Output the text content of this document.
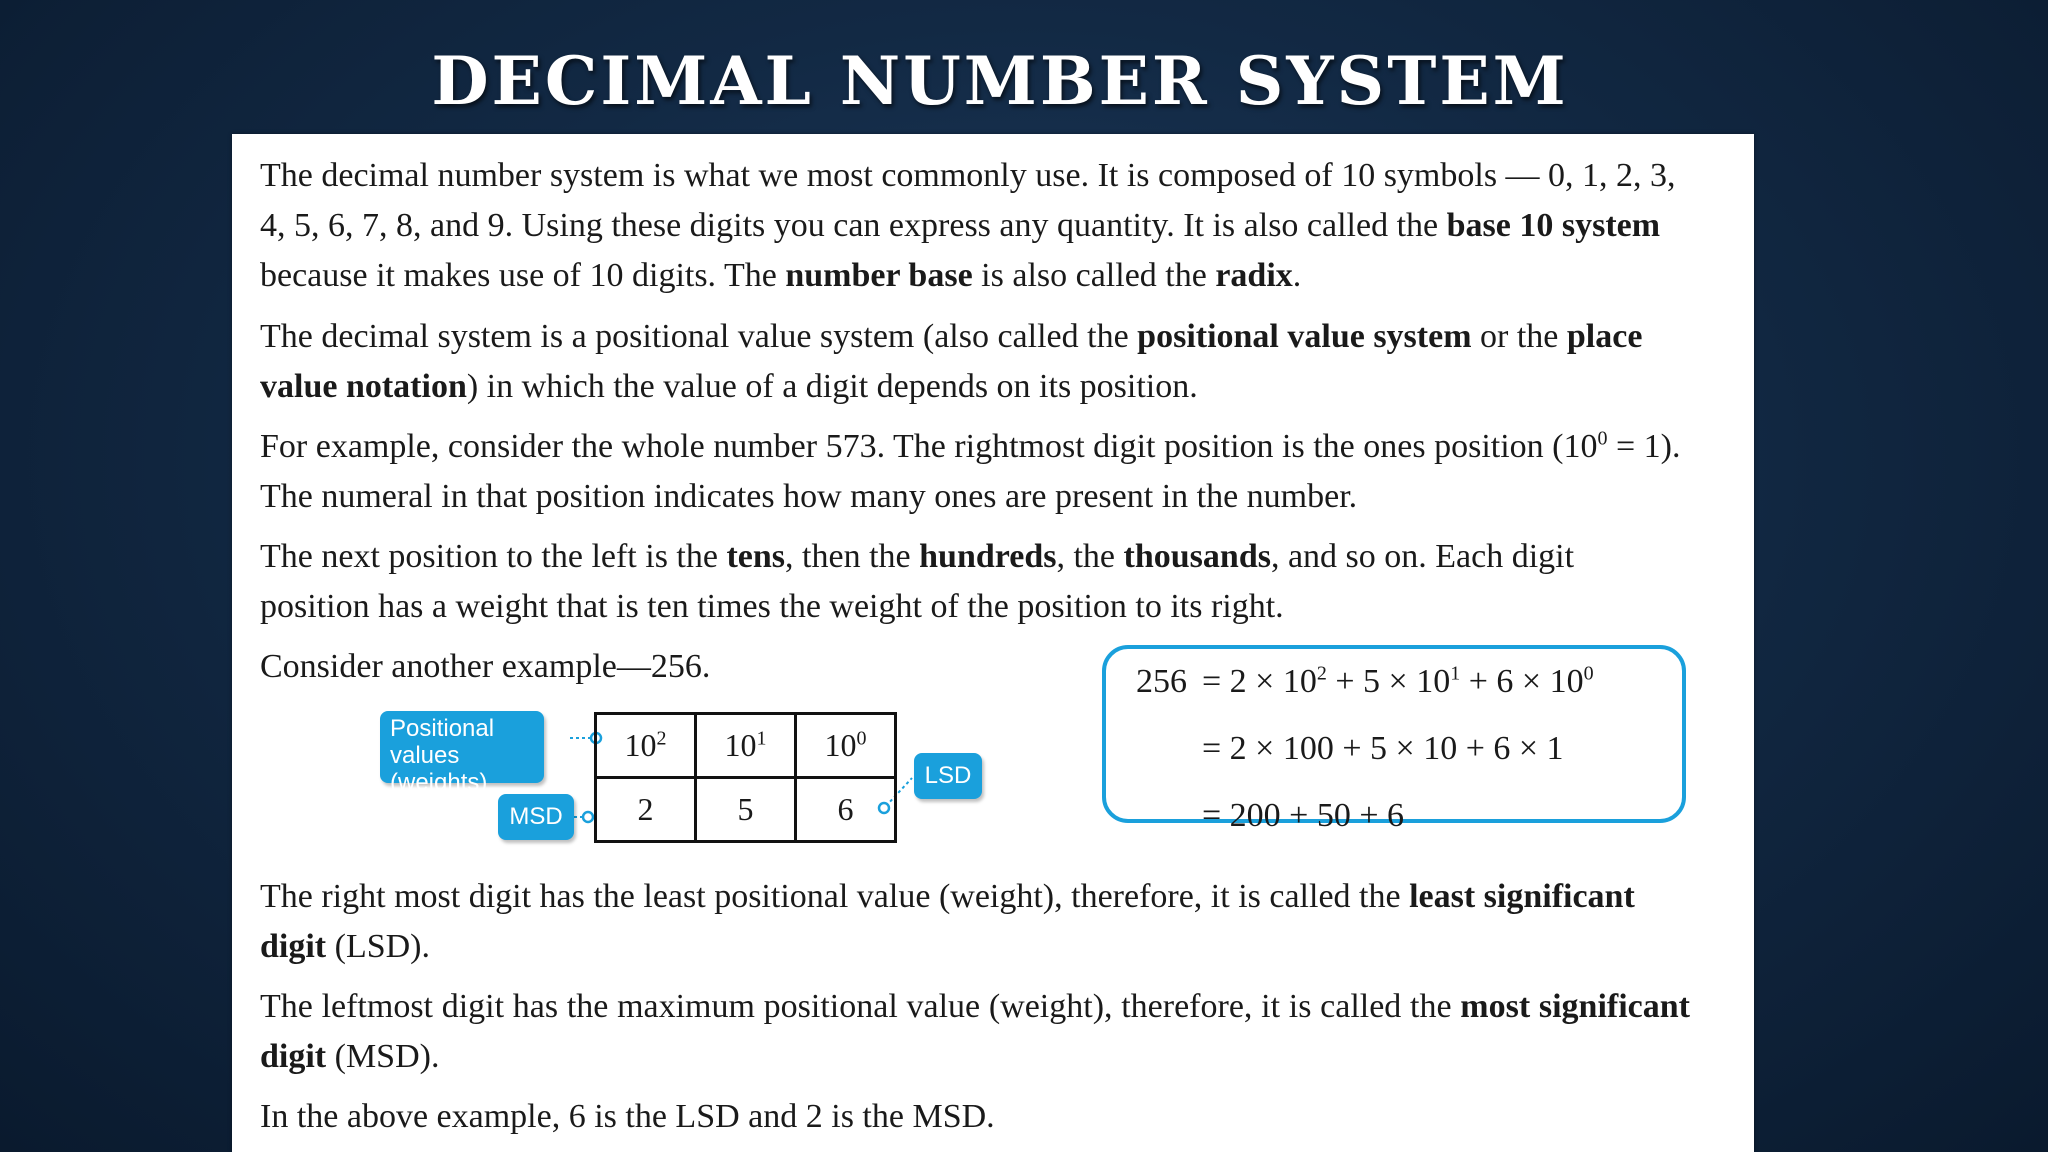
DECIMAL NUMBER SYSTEM

The decimal number system is what we most commonly use. It is composed of 10 symbols — 0, 1, 2, 3, 4, 5, 6, 7, 8, and 9. Using these digits you can express any quantity. It is also called the base 10 system because it makes use of 10 digits. The number base is also called the radix.

The decimal system is a positional value system (also called the positional value system or the place value notation) in which the value of a digit depends on its position.

For example, consider the whole number 573. The rightmost digit position is the ones position $(10^0 = 1)$. The numeral in that position indicates how many ones are present in the number.

The next position to the left is the tens, then the hundreds, the thousands, and so on. Each digit position has a weight that is ten times the weight of the position to its right.

Consider another example—256.

Positional
values (weights)
MSD
LSD
$10^2$	$10^1$	$10^0$
2	5	6
$256 = 2 \times 10^2 + 5 \times 10^1 + 6 \times 10^0$
= 2 × 100 + 5 × 10 + 6 × 1
= 200 + 50 + 6

The right most digit has the least positional value (weight), therefore, it is called the least significant digit (LSD).

The leftmost digit has the maximum positional value (weight), therefore, it is called the most significant digit (MSD).

In the above example, 6 is the LSD and 2 is the MSD.
